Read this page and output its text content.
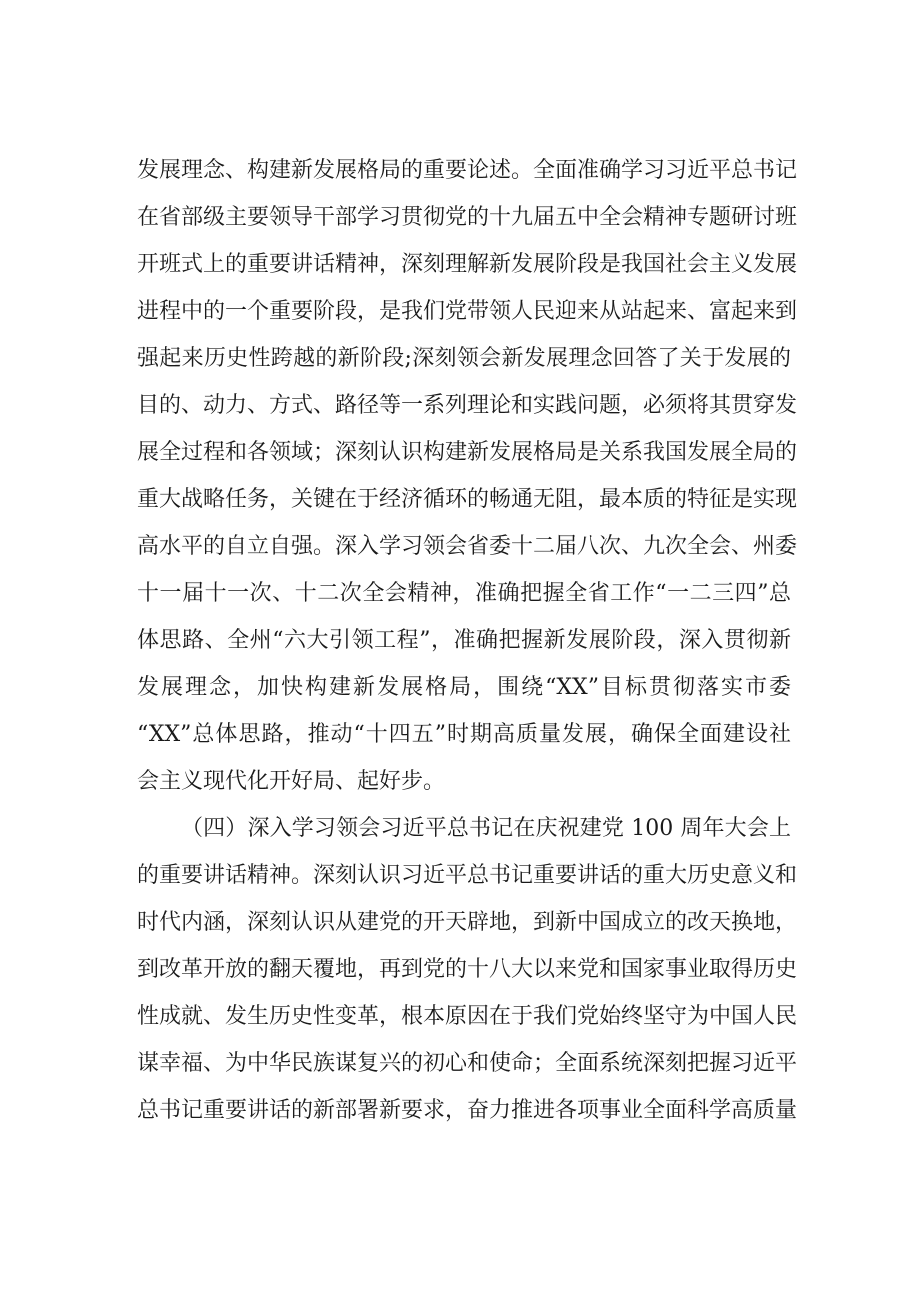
发展理念、构建新发展格局的重要论述。全面准确学习习近平总书记
在省部级主要领导干部学习贯彻党的十九届五中全会精神专题研讨班
开班式上的重要讲话精神，深刻理解新发展阶段是我国社会主义发展
进程中的一个重要阶段，是我们党带领人民迎来从站起来、富起来到
强起来历史性跨越的新阶段;深刻领会新发展理念回答了关于发展的
目的、动力、方式、路径等一系列理论和实践问题，必须将其贯穿发
展全过程和各领域；深刻认识构建新发展格局是关系我国发展全局的
重大战略任务，关键在于经济循环的畅通无阻，最本质的特征是实现
高水平的自立自强。深入学习领会省委十二届八次、九次全会、州委
十一届十一次、十二次全会精神，准确把握全省工作“一二三四”总
体思路、全州“六大引领工程”，准确把握新发展阶段，深入贯彻新
发展理念，加快构建新发展格局，围绕“XX”目标贯彻落实市委
“XX”总体思路，推动“十四五”时期高质量发展，确保全面建设社
会主义现代化开好局、起好步。
（四）深入学习领会习近平总书记在庆祝建党 100 周年大会上
的重要讲话精神。深刻认识习近平总书记重要讲话的重大历史意义和
时代内涵，深刻认识从建党的开天辟地，到新中国成立的改天换地，
到改革开放的翻天覆地，再到党的十八大以来党和国家事业取得历史
性成就、发生历史性变革，根本原因在于我们党始终坚守为中国人民
谋幸福、为中华民族谋复兴的初心和使命；全面系统深刻把握习近平
总书记重要讲话的新部署新要求，奋力推进各项事业全面科学高质量
